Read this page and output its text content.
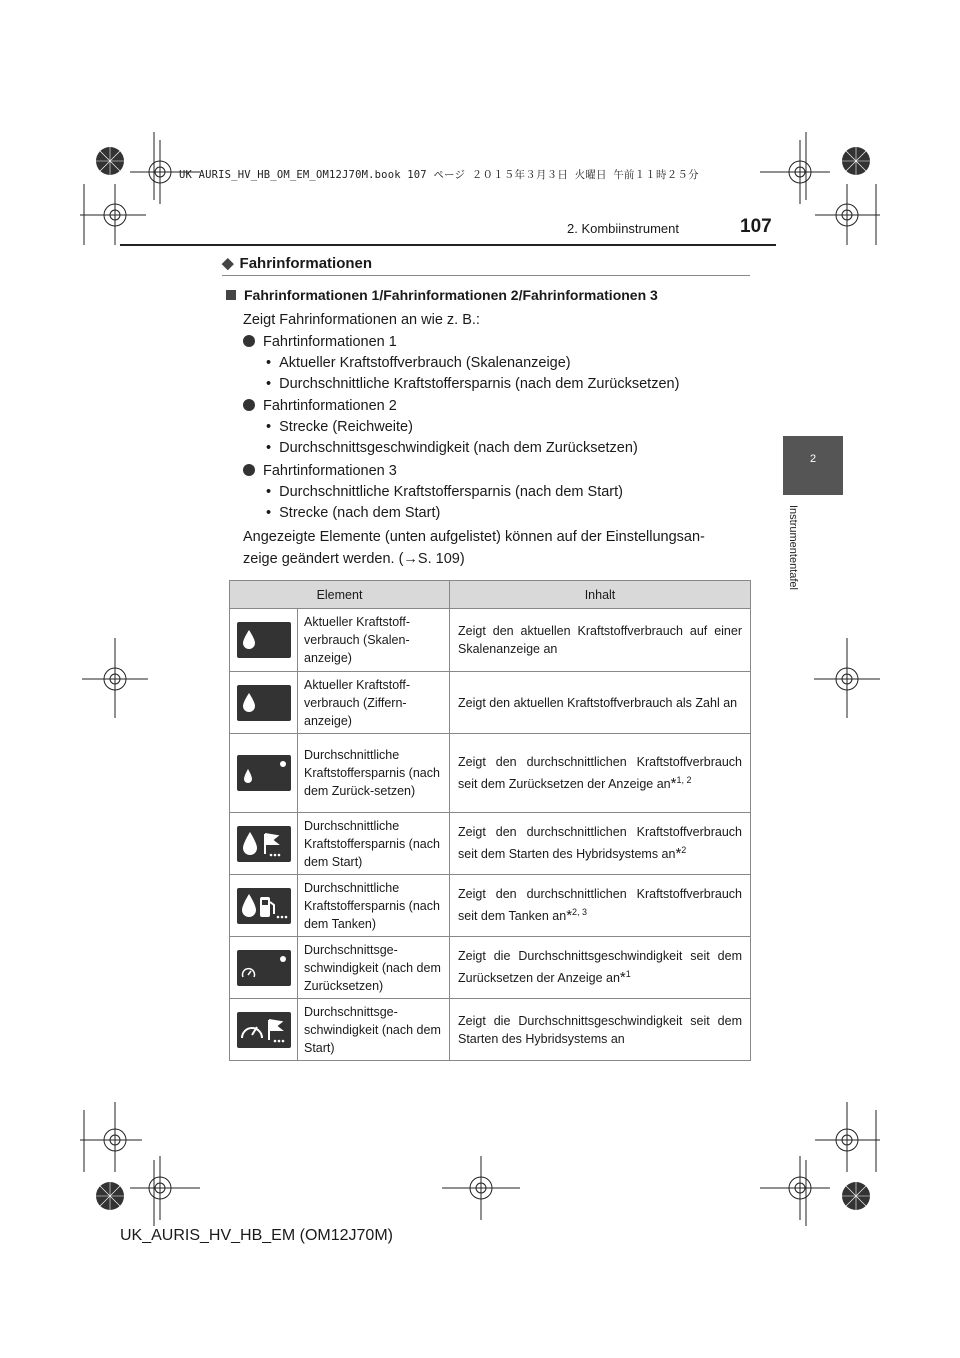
UK AURIS_HV_HB_OM_EM_OM12J70M.book 107 ページ ２０１５年３月３日 火曜日 午前１１時２５分
2. Kombiinstrument	107
2
Instrumententafel
◆ Fahrinformationen
Fahrinformationen 1/Fahrinformationen 2/Fahrinformationen 3
Zeigt Fahrinformationen an wie z. B.:
Fahrtinformationen 1
•  Aktueller Kraftstoffverbrauch (Skalenanzeige)
•  Durchschnittliche Kraftstoffersparnis (nach dem Zurücksetzen)
Fahrtinformationen 2
•  Strecke (Reichweite)
•  Durchschnittsgeschwindigkeit (nach dem Zurücksetzen)
Fahrtinformationen 3
•  Durchschnittliche Kraftstoffersparnis (nach dem Start)
•  Strecke (nach dem Start)
Angezeigte Elemente (unten aufgelistet) können auf der Einstellungsan-
zeige geändert werden. (→S. 109)
Element		Inhalt

	Aktueller Kraftstoff-verbrauch (Skalen-anzeige)	Zeigt den aktuellen Kraftstoffverbrauch auf einer Skalenanzeige an

	Aktueller Kraftstoff-verbrauch (Ziffern-anzeige)	Zeigt den aktuellen Kraftstoffverbrauch als Zahl an

	Durchschnittliche Kraftstoffersparnis (nach dem Zurück-setzen)	Zeigt den durchschnittlichen Kraftstoffverbrauch seit dem Zurücksetzen der Anzeige an*$^{1, 2}$

	Durchschnittliche Kraftstoffersparnis (nach dem Start)	Zeigt den durchschnittlichen Kraftstoffverbrauch seit dem Starten des Hybridsystems an*$^2$

	Durchschnittliche Kraftstoffersparnis (nach dem Tanken)	Zeigt den durchschnittlichen Kraftstoffverbrauch seit dem Tanken an*$^{2, 3}$

	Durchschnittsge-schwindigkeit (nach dem Zurücksetzen)	Zeigt die Durchschnittsgeschwindigkeit seit dem Zurücksetzen der Anzeige an*$^1$

	Durchschnittsge-schwindigkeit (nach dem Start)	Zeigt die Durchschnittsgeschwindigkeit seit dem Starten des Hybridsystems an
UK_AURIS_HV_HB_EM (OM12J70M)
